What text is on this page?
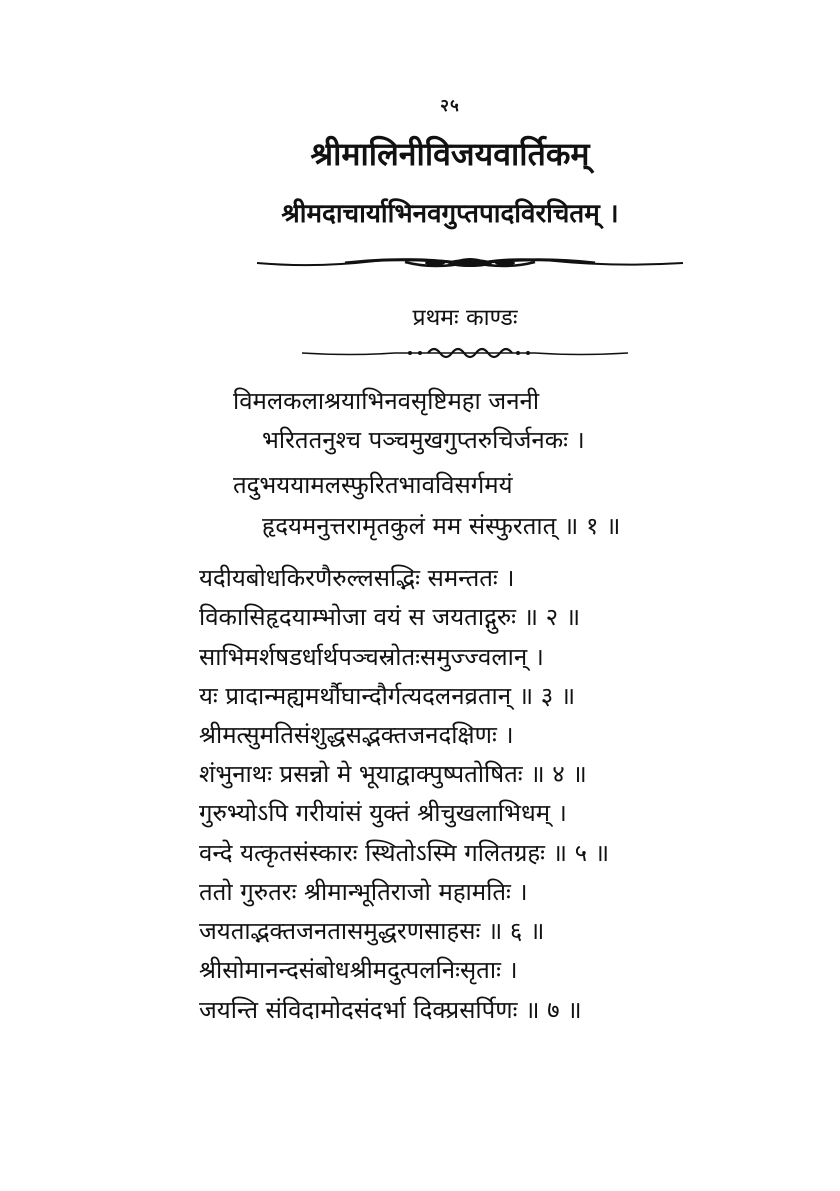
२५
श्रीमालिनीविजयवार्तिकम्
श्रीमदाचार्याभिनवगुप्तपादविरचितम् ।
प्रथमः काण्डः
विमलकलाश्रयाभिनवसृष्टिमहा जननी
भरिततनुश्च पञ्चमुखगुप्तरुचिर्जनकः ।
तदुभययामलस्फुरितभावविसर्गमयं
हृदयमनुत्तरामृतकुलं मम संस्फुरतात् ॥ १ ॥
यदीयबोधकिरणैरुल्लसद्भिः समन्ततः ।
विकासिहृदयाम्भोजा वयं स जयताद्गुरुः ॥ २ ॥
साभिमर्शषडर्धार्थपञ्चस्रोतःसमुज्ज्वलान् ।
यः प्रादान्मह्यमर्थौघान्दौर्गत्यदलनव्रतान् ॥ ३ ॥
श्रीमत्सुमतिसंशुद्धसद्भक्तजनदक्षिणः ।
शंभुनाथः प्रसन्नो मे भूयाद्वाक्पुष्पतोषितः ॥ ४ ॥
गुरुभ्योऽपि गरीयांसं युक्तं श्रीचुखलाभिधम् ।
वन्दे यत्कृतसंस्कारः स्थितोऽस्मि गलितग्रहः ॥ ५ ॥
ततो गुरुतरः श्रीमान्भूतिराजो महामतिः ।
जयताद्भक्तजनतासमुद्धरणसाहसः ॥ ६ ॥
श्रीसोमानन्दसंबोधश्रीमदुत्पलनिःसृताः ।
जयन्ति संविदामोदसंदर्भा दिक्प्रसर्पिणः ॥ ७ ॥
